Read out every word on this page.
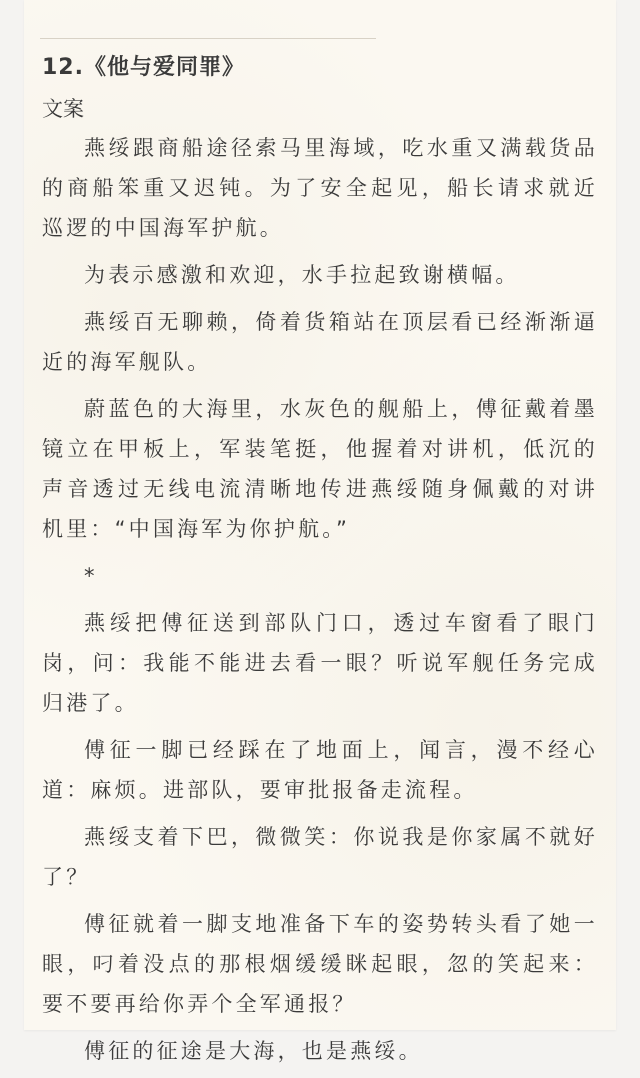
12.《他与爱同罪》
文案

燕绥跟商船途径索马里海域，吃水重又满载货品的商船笨重又迟钝。为了安全起见，船长请求就近巡逻的中国海军护航。

为表示感激和欢迎，水手拉起致谢横幅。

燕绥百无聊赖，倚着货箱站在顶层看已经渐渐逼近的海军舰队。

蔚蓝色的大海里，水灰色的舰船上，傅征戴着墨镜立在甲板上，军装笔挺，他握着对讲机，低沉的声音透过无线电流清晰地传进燕绥随身佩戴的对讲机里：“中国海军为你护航。”

*

燕绥把傅征送到部队门口，透过车窗看了眼门岗，问：我能不能进去看一眼？听说军舰任务完成归港了。

傅征一脚已经踩在了地面上，闻言，漫不经心道：麻烦。进部队，要审批报备走流程。

燕绥支着下巴，微微笑：你说我是你家属不就好了？

傅征就着一脚支地准备下车的姿势转头看了她一眼，叼着没点的那根烟缓缓眯起眼，忽的笑起来：要不要再给你弄个全军通报？

傅征的征途是大海，也是燕绥。
